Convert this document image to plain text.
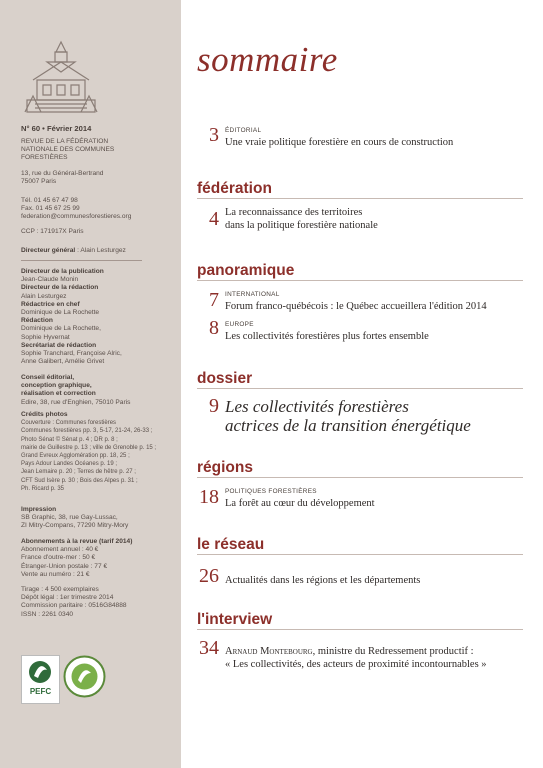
N° 60 • Février 2014
REVUE DE LA FÉDÉRATION
NATIONALE DES COMMUNES
FORESTIÈRES
13, rue du Général-Bertrand
75007 Paris
Tél. 01 45 67 47 98
Fax. 01 45 67 25 99
federation@communesforestieres.org
CCP : 171917X Paris
Directeur général : Alain Lesturgez
Directeur de la publication
Jean-Claude Monin
Directeur de la rédaction
Alain Lesturgez
Rédactrice en chef
Dominique de La Rochette
Rédaction
Dominique de La Rochette,
Sophie Hyvernat
Secrétariat de rédaction
Sophie Tranchard, Françoise Alric,
Anne Galibert, Amélie Grivet
Conseil éditorial,
conception graphique,
réalisation et correction
Edire, 38, rue d'Enghien, 75010 Paris
Crédits photos
Couverture : Communes forestières
Communes forestières pp. 3, 5-17, 21-24, 26-33 ;
Photo Sénat © Sénat p. 4 ; DR p. 8 ;
mairie de Guillestre p. 13 ; ville de Grenoble p. 15 ;
Grand Evreux Agglomération pp. 18, 25 ;
Pays Adour Landes Océanes p. 19 ;
Jean Lemaire p. 20 ; Terres de hêtre p. 27 ;
CFT Sud Isère p. 30 ; Bois des Alpes p. 31 ;
Ph. Ricard p. 35
Impression
SB Graphic, 38, rue Gay-Lussac,
ZI Mitry-Compans, 77290 Mitry-Mory
Abonnements à la revue (tarif 2014)
Abonnement annuel : 40 €
France d'outre-mer : 50 €
Étranger-Union postale : 77 €
Vente au numéro : 21 €
Tirage : 4 500 exemplaires
Dépôt légal : 1er trimestre 2014
Commission paritaire : 0516G84888
ISSN : 2261 0340
PEFC
sommaire
3 ÉDITORIAL
Une vraie politique forestière en cours de construction
fédération
4 La reconnaissance des territoires
dans la politique forestière nationale
panoramique
7 INTERNATIONAL
Forum franco-québécois : le Québec accueillera l'édition 2014
8 EUROPE
Les collectivités forestières plus fortes ensemble
dossier
9 Les collectivités forestières
actrices de la transition énergétique
régions
18 POLITIQUES FORESTIÈRES
La forêt au cœur du développement
le réseau
26 Actualités dans les régions et les départements
l'interview
34 Arnaud Montebourg, ministre du Redressement productif :
« Les collectivités, des acteurs de proximité incontournables »
